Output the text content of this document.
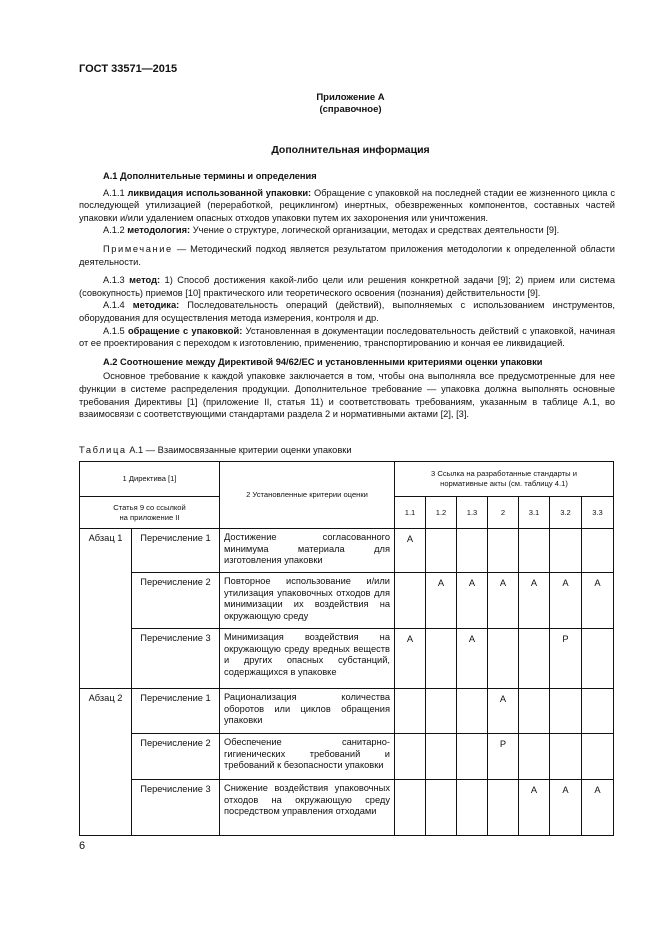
ГОСТ 33571—2015
Приложение А
(справочное)
Дополнительная информация

А.1 Дополнительные термины и определения

А.1.1 ликвидация использованной упаковки: Обращение с упаковкой на последней стадии ее жизненного цикла с последующей утилизацией (переработкой, рециклингом) инертных, обезвреженных компонентов, составных частей упаковки и/или удалением опасных отходов упаковки путем их захоронения или уничтожения.

А.1.2 методология: Учение о структуре, логической организации, методах и средствах деятельности [9].

Примечание — Методический подход является результатом приложения методологии к определенной области деятельности.

А.1.3 метод: 1) Способ достижения какой-либо цели или решения конкретной задачи [9]; 2) прием или система (совокупность) приемов [10] практического или теоретического освоения (познания) действительности [9].

А.1.4 методика: Последовательность операций (действий), выполняемых с использованием инструментов, оборудования для осуществления метода измерения, контроля и др.

А.1.5 обращение с упаковкой: Установленная в документации последовательность действий с упаковкой, начиная от ее проектирования с переходом к изготовлению, применению, транспортированию и кончая ее ликвидацией.

А.2 Соотношение между Директивой 94/62/ЕС и установленными критериями оценки упаковки

Основное требование к каждой упаковке заключается в том, чтобы она выполняла все предусмотренные для нее функции в системе распределения продукции. Дополнительное требование — упаковка должна выполнять основные требования Директивы [1] (приложение II, статья 11) и соответствовать требованиям, указанным в таблице А.1, во взаимосвязи с соответствующими стандартами раздела 2 и нормативными актами [2], [3].

Таблица А.1 — Взаимосвязанные критерии оценки упаковки
1 Директива [1]		2 Установленные критерии оценки	3 Ссылка на разработанные стандарты и нормативные акты (см. таблицу 4.1)						
Статья 9 со ссылкой на приложение II			1.1	1.2	1.3	2	3.1	3.2	3.3
Абзац 1	Перечисление 1	Достижение согласованного минимума материала для изготовления упаковки	А						
	Перечисление 2	Повторное использование и/или утилизация упаковочных отходов для минимизации их воздействия на окружающую среду		А	А	А	А	А	А
	Перечисление 3	Минимизация воздействия на окружающую среду вредных веществ и других опасных субстанций, содержащихся в упаковке	А		А			Р	
Абзац 2	Перечисление 1	Рационализация количества оборотов или циклов обращения упаковки				А			
	Перечисление 2	Обеспечение санитарно-гигиенических требований и требований к безопасности упаковки				Р			
	Перечисление 3	Снижение воздействия упаковочных отходов на окружающую среду посредством управления отходами					А	А	А
6
